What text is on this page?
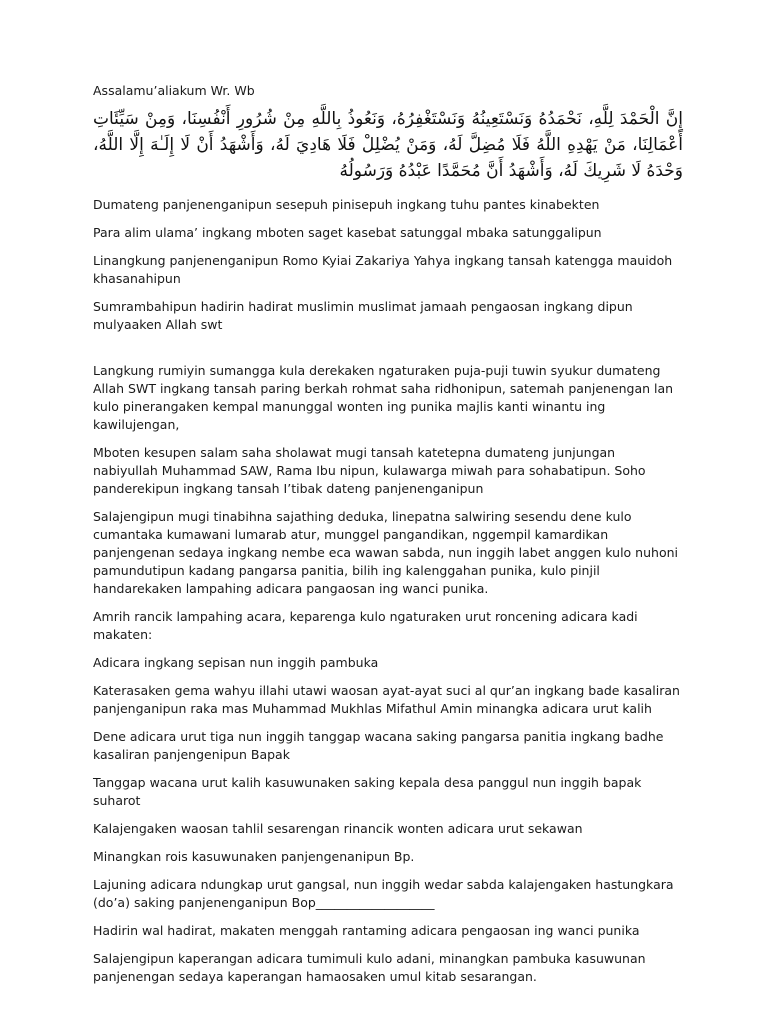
Assalamu’aliakum Wr. Wb

إِنَّ الْحَمْدَ لِلَّهِ، نَحْمَدُهُ وَنَسْتَعِينُهُ وَنَسْتَغْفِرُهُ، وَنَعُوذُ بِاللَّهِ مِنْ شُرُورِ أَنْفُسِنَا، وَمِنْ سَيِّئَاتِ أَعْمَالِنَا، مَنْ يَهْدِهِ اللَّهُ فَلَا مُضِلَّ لَهُ، وَمَنْ يُضْلِلْ فَلَا هَادِيَ لَهُ، وَأَشْهَدُ أَنْ لَا إِلَـٰهَ إِلَّا اللَّهُ، وَحْدَهُ لَا شَرِيكَ لَهُ، وَأَشْهَدُ أَنَّ مُحَمَّدًا عَبْدُهُ وَرَسُولُهُ

Dumateng panjenenganipun sesepuh pinisepuh ingkang tuhu pantes kinabekten

Para alim ulama’ ingkang mboten saget kasebat satunggal mbaka satunggalipun

Linangkung panjenenganipun Romo Kyiai Zakariya Yahya ingkang tansah katengga mauidoh khasanahipun

Sumrambahipun hadirin hadirat muslimin muslimat jamaah pengaosan ingkang dipun mulyaaken Allah swt

Langkung rumiyin sumangga kula derekaken ngaturaken puja-puji tuwin syukur dumateng Allah SWT ingkang tansah paring berkah rohmat saha ridhonipun, satemah panjenengan lan kulo pinerangaken kempal manunggal wonten ing punika majlis kanti winantu ing kawilujengan,

Mboten kesupen salam saha sholawat mugi tansah katetepna dumateng junjungan nabiyullah Muhammad SAW, Rama Ibu nipun, kulawarga miwah para sohabatipun. Soho panderekipun ingkang tansah I’tibak dateng panjenenganipun

Salajengipun mugi tinabihna sajathing deduka, linepatna salwiring sesendu dene kulo cumantaka kumawani lumarab atur, munggel pangandikan, nggempil kamardikan panjengenan sedaya ingkang nembe eca wawan sabda, nun inggih labet anggen kulo nuhoni pamundutipun kadang pangarsa panitia, bilih ing kalenggahan punika, kulo pinjil handarekaken lampahing adicara pangaosan ing wanci punika.

Amrih rancik lampahing acara, keparenga kulo ngaturaken urut roncening adicara kadi makaten:

Adicara ingkang sepisan nun inggih pambuka

Katerasaken gema wahyu illahi utawi waosan ayat-ayat suci al qur’an ingkang bade kasaliran panjenganipun raka mas Muhammad Mukhlas Mifathul Amin minangka adicara urut kalih

Dene adicara urut tiga nun inggih tanggap wacana saking pangarsa panitia ingkang badhe kasaliran panjengenipun Bapak

Tanggap wacana urut kalih kasuwunaken saking kepala desa panggul nun inggih bapak suharot

Kalajengaken waosan tahlil sesarengan rinancik wonten adicara urut sekawan

Minangkan rois kasuwunaken panjengenanipun Bp.

Lajuning adicara ndungkap urut gangsal, nun inggih wedar sabda kalajengaken hastungkara (do’a) saking panjenenganipun Bop___________________

Hadirin wal hadirat, makaten menggah rantaming adicara pengaosan ing wanci punika

Salajengipun kaperangan adicara tumimuli kulo adani, minangkan pambuka kasuwunan panjenengan sedaya kaperangan hamaosaken umul kitab sesarangan.
